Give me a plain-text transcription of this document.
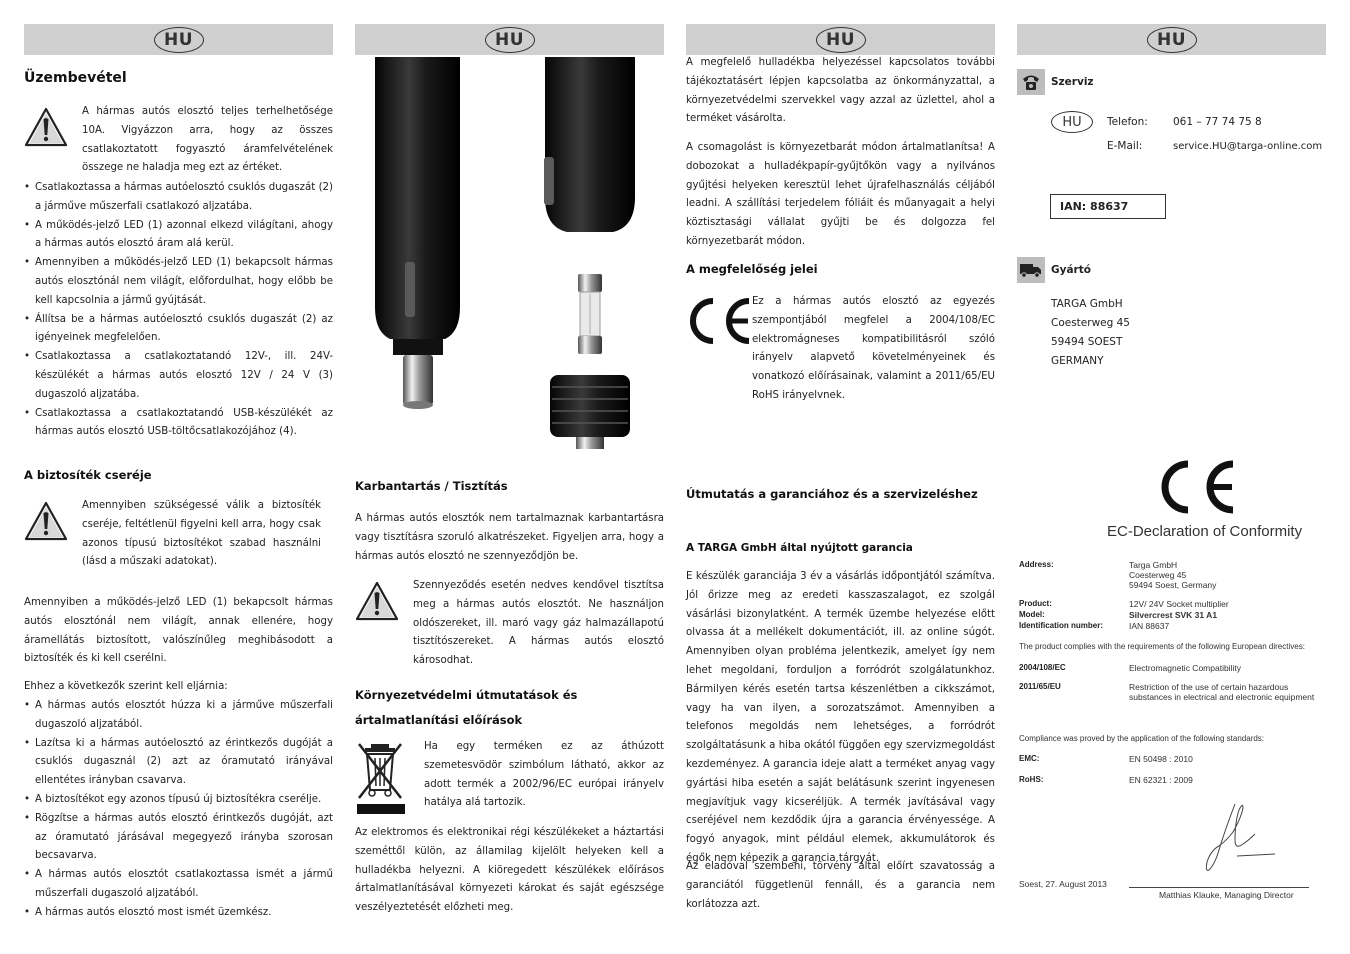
HU
Üzembevétel

A hármas autós elosztó teljes terhelhetősége 10A. Vigyázzon arra, hogy az összes csatlakoztatott fogyasztó áramfelvételének összege ne haladja meg ezt az értéket.

• Csatlakoztassa a hármas autóelosztó csuklós dugaszát (2) a járműve műszerfali csatlakozó aljzatába.
• A működés-jelző LED (1) azonnal elkezd világítani, ahogy a hármas autós elosztó áram alá kerül.
• Amennyiben a működés-jelző LED (1) bekapcsolt hármas autós elosztónál nem világít, előfordulhat, hogy előbb be kell kapcsolnia a jármű gyújtását.
• Állítsa be a hármas autóelosztó csuklós dugaszát (2) az igényeinek megfelelően.
• Csatlakoztassa a csatlakoztatandó 12V-, ill. 24V- készülékét a hármas autós elosztó 12V / 24 V (3) dugaszoló aljzatába.
• Csatlakoztassa a csatlakoztatandó USB-készülékét az hármas autós elosztó USB-töltőcsatlakozójához (4).
A biztosíték cseréje

Amennyiben szükségessé válik a biztosíték cseréje, feltétlenül figyelni kell arra, hogy csak azonos típusú biztosítékot szabad használni (lásd a műszaki adatokat).

Amennyiben a működés-jelző LED (1) bekapcsolt hármas autós elosztónál nem világít, annak ellenére, hogy áramellátás biztosított, valószínűleg meghibásodott a biztosíték és ki kell cserélni.

Ehhez a következők szerint kell eljárnia:

• A hármas autós elosztót húzza ki a járműve műszerfali dugaszoló aljzatából.
• Lazítsa ki a hármas autóelosztó az érintkezős dugóját a csuklós dugasznál (2) azt az óramutató irányával ellentétes irányban csavarva.
• A biztosítékot egy azonos típusú új biztosítékra cserélje.
• Rögzítse a hármas autós elosztó érintkezős dugóját, azt az óramutató járásával megegyező irányba szorosan becsavarva.
• A hármas autós elosztót csatlakoztassa ismét a jármű műszerfali dugaszoló aljzatából.
• A hármas autós elosztó most ismét üzemkész.
HU
Karbantartás / Tisztítás

A hármas autós elosztók nem tartalmaznak karbantartásra vagy tisztításra szoruló alkatrészeket. Figyeljen arra, hogy a hármas autós elosztó ne szennyeződjön be.

Szennyeződés esetén nedves kendővel tisztítsa meg a hármas autós elosztót. Ne használjon oldószereket, ill. maró vagy gáz halmazállapotú tisztítószereket. A hármas autós elosztó károsodhat.

Környezetvédelmi útmutatások és ártalmatlanítási előírások

Ha egy terméken ez az áthúzott szemetesvödör szimbólum látható, akkor az adott termék a 2002/96/EC európai irányelv hatálya alá tartozik.

Az elektromos és elektronikai régi készülékeket a háztartási szeméttől külön, az államilag kijelölt helyeken kell a hulladékba helyezni. A kiöregedett készülékek előírásos ártalmatlanításával környezeti károkat és saját egészsége veszélyeztetését előzheti meg.

HU

A megfelelő hulladékba helyezéssel kapcsolatos további tájékoztatásért lépjen kapcsolatba az önkormányzattal, a környezetvédelmi szervekkel vagy azzal az üzlettel, ahol a terméket vásárolta.

A csomagolást is környezetbarát módon ártalmatlanítsa! A dobozokat a hulladékpapír-gyűjtőkön vagy a nyilvános gyűjtési helyeken keresztül lehet újrafelhasználás céljából leadni. A szállítási terjedelem fóliáit és műanyagait a helyi köztisztasági vállalat gyűjti be és dolgozza fel környezetbarát módon.

A megfelelőség jelei

Ez a hármas autós elosztó az egyezés szempontjából megfelel a 2004/108/EC elektromágneses kompatibilitásról szóló irányelv alapvető követelményeinek és vonatkozó előírásainak, valamint a 2011/65/EU RoHS irányelvnek.

Útmutatás a garanciához és a szervizeléshez
A TARGA GmbH által nyújtott garancia

E készülék garanciája 3 év a vásárlás időpontjától számítva. Jól őrizze meg az eredeti kasszaszalagot, ez szolgál vásárlási bizonylatként. A termék üzembe helyezése előtt olvassa át a mellékelt dokumentációt, ill. az online súgót. Amennyiben olyan probléma jelentkezik, amelyet így nem lehet megoldani, forduljon a forródrót szolgálatunkhoz. Bármilyen kérés esetén tartsa készenlétben a cikkszámot, vagy ha van ilyen, a sorozatszámot. Amennyiben a telefonos megoldás nem lehetséges, a forródrót szolgáltatásunk a hiba okától függően egy szervizmegoldást kezdeményez. A garancia ideje alatt a terméket anyag vagy gyártási hiba esetén a saját belátásunk szerint ingyenesen megjavítjuk vagy kicseréljük. A termék javításával vagy cseréjével nem kezdődik újra a garancia érvényessége. A fogyó anyagok, mint például elemek, akkumulátorok és égők nem képezik a garancia tárgyát.

Az eladóval szembeni, törvény által előírt szavatosság a garanciától függetlenül fennáll, és a garancia nem korlátozza azt.

HU
Szerviz
HU	Telefon:	061 – 77 74 75 8
E-Mail:	service.HU@targa-online.com
IAN: 88637
Gyártó
TARGA GmbH
Coesterweg 45
59494 SOEST
GERMANY
EC-Declaration of Conformity
Address:	Targa GmbH
Coesterweg 45
59494 Soest, Germany
Product:	12V/ 24V Socket multiplier
Model:	Silvercrest SVK 31 A1
Identification number:	IAN 88637
The product complies with the requirements of the following European directives:
2004/108/EC	Electromagnetic Compatibility
2011/65/EU	Restriction of the use of certain hazardous substances in electrical and electronic equipment
Compliance was proved by the application of the following standards:
EMC:	EN 50498 : 2010
RoHS:	EN 62321 : 2009
Soest, 27. August 2013
Matthias Klauke, Managing Director
